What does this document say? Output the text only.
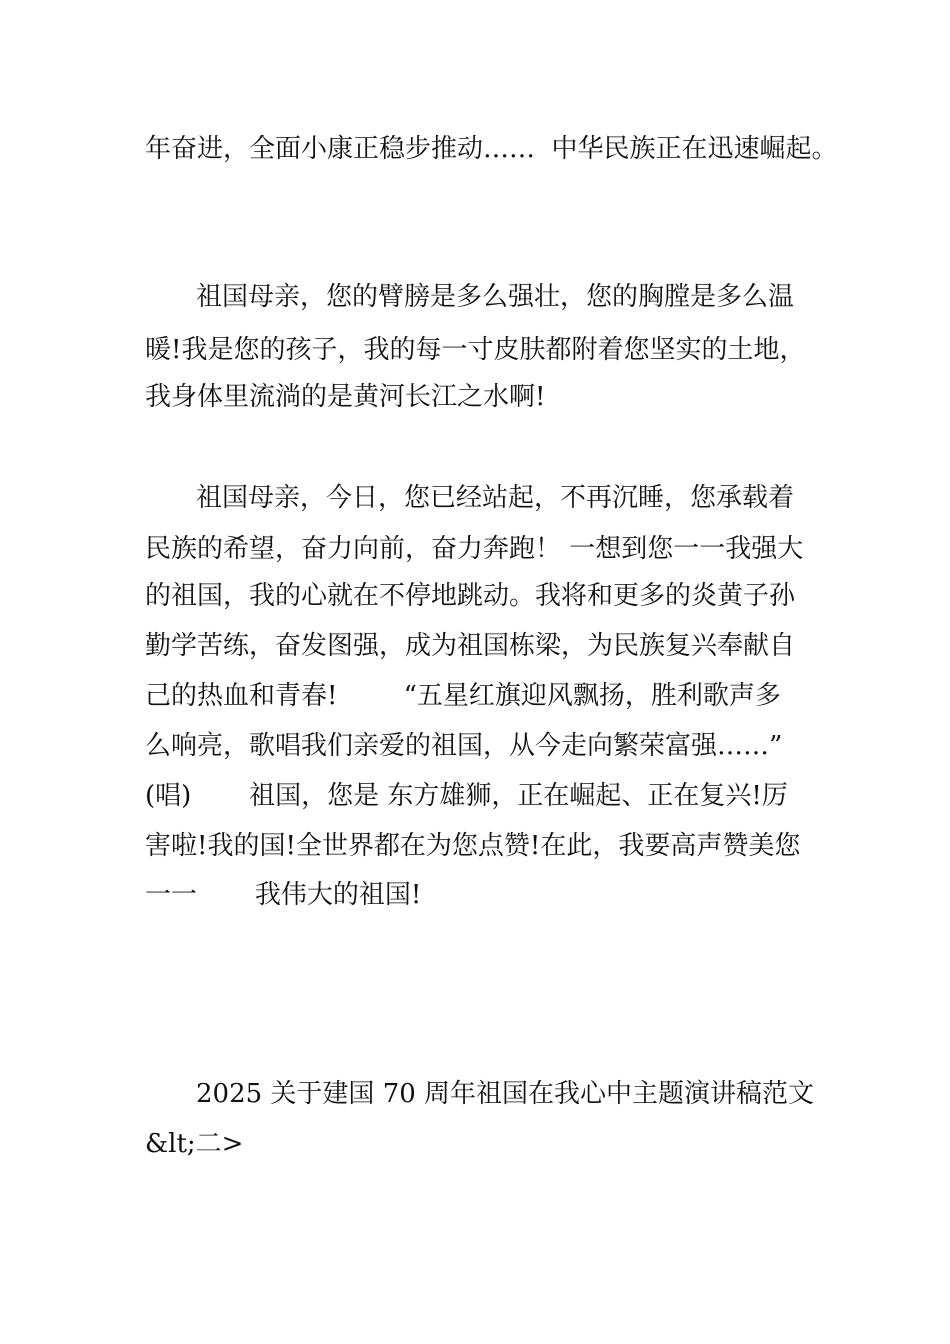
年奋进，全面小康正稳步推动……  中华民族正在迅速崛起。
祖国母亲，您的臂膀是多么强壮，您的胸膛是多么温
暖!我是您的孩子，我的每一寸皮肤都附着您坚实的土地，
我身体里流淌的是黄河长江之水啊!
祖国母亲，今日，您已经站起，不再沉睡，您承载着
民族的希望，奋力向前，奋力奔跑！ 一想到您一一我强大
的祖国，我的心就在不停地跳动。我将和更多的炎黄子孙
勤学苦练，奋发图强，成为祖国栋梁，为民族复兴奉献自
己的热血和青春!        “五星红旗迎风飘扬，胜利歌声多
么响亮，歌唱我们亲爱的祖国，从今走向繁荣富强……”
(唱)       祖国，您是 东方雄狮，正在崛起、正在复兴!厉
害啦!我的国!全世界都在为您点赞!在此，我要高声赞美您
一一       我伟大的祖国!
2025 关于建国 70 周年祖国在我心中主题演讲稿范文
&lt;二>
